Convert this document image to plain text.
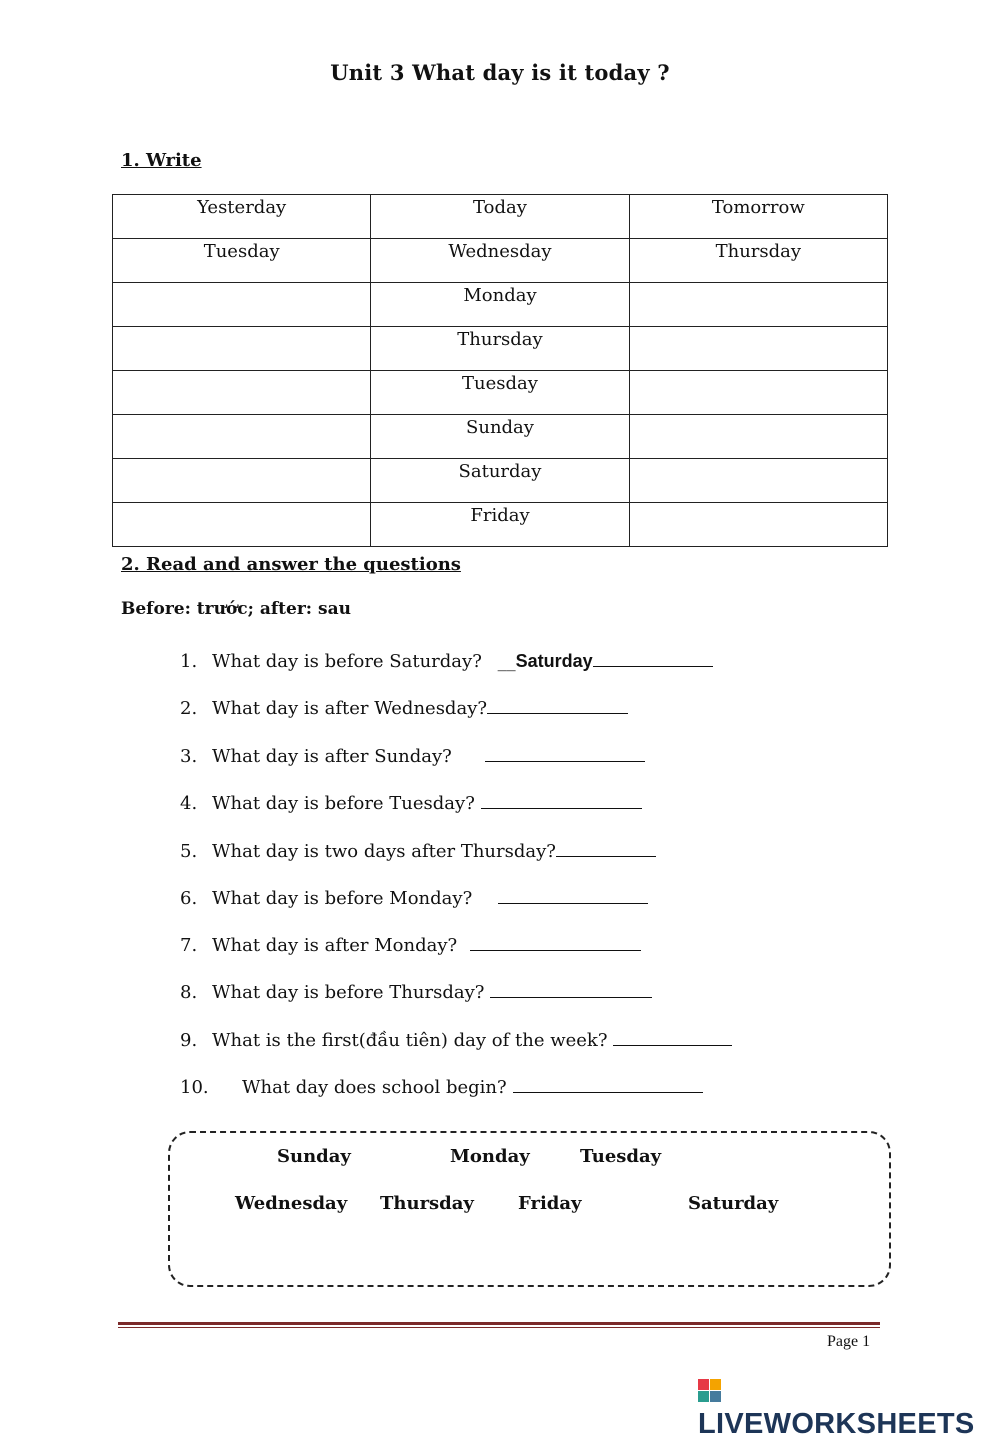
Unit 3 What day is it today ?
1. Write
Yesterday	Today	Tomorrow
Tuesday	Wednesday	Thursday
	Monday	
	Thursday	
	Tuesday	
	Sunday	
	Saturday	
	Friday	
2. Read and answer the questions
Before: trước; after: sau
1. What day is before Saturday? __Saturday
2. What day is after Wednesday?
3. What day is after Sunday?
4. What day is before Tuesday?
5. What day is two days after Thursday?
6. What day is before Monday?
7. What day is after Monday?
8. What day is before Thursday?
9. What is the first(đầu tiên) day of the week?
10. What day does school begin?
Sunday	Monday	Tuesday
Wednesday Thursday Friday	Saturday
Page 1
LIVEWORKSHEETS
